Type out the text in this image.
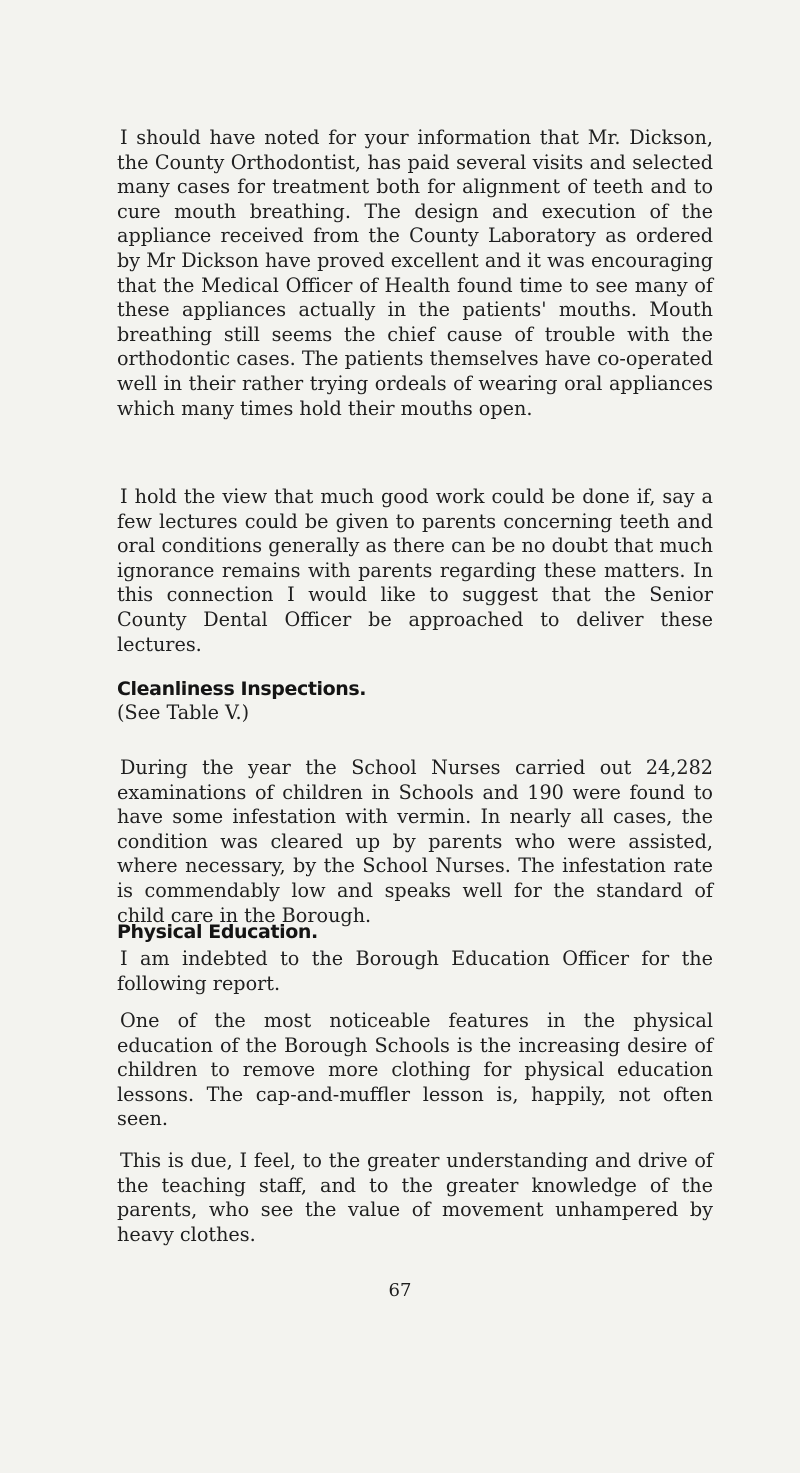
I should have noted for your information that Mr. Dickson, the County Orthodontist, has paid several visits and selected many cases for treatment both for alignment of teeth and to cure mouth breathing. The design and execution of the appliance received from the County Laboratory as ordered by Mr Dickson have proved excellent and it was encouraging that the Medical Officer of Health found time to see many of these appliances actually in the patients' mouths. Mouth breathing still seems the chief cause of trouble with the orthodontic cases. The patients themselves have co-operated well in their rather trying ordeals of wearing oral appliances which many times hold their mouths open.

I hold the view that much good work could be done if, say a few lectures could be given to parents concerning teeth and oral conditions generally as there can be no doubt that much ignorance remains with parents regarding these matters. In this connection I would like to suggest that the Senior County Dental Officer be approached to deliver these lectures.

Cleanliness Inspections.
(See Table V.)

During the year the School Nurses carried out 24,282 examinations of children in Schools and 190 were found to have some infestation with vermin. In nearly all cases, the condition was cleared up by parents who were assisted, where necessary, by the School Nurses. The infestation rate is commendably low and speaks well for the standard of child care in the Borough.

Physical Education.

I am indebted to the Borough Education Officer for the following report.

One of the most noticeable features in the physical education of the Borough Schools is the increasing desire of children to remove more clothing for physical education lessons. The cap-and-muffler lesson is, happily, not often seen.

This is due, I feel, to the greater understanding and drive of the teaching staff, and to the greater knowledge of the parents, who see the value of movement unhampered by heavy clothes.

67
